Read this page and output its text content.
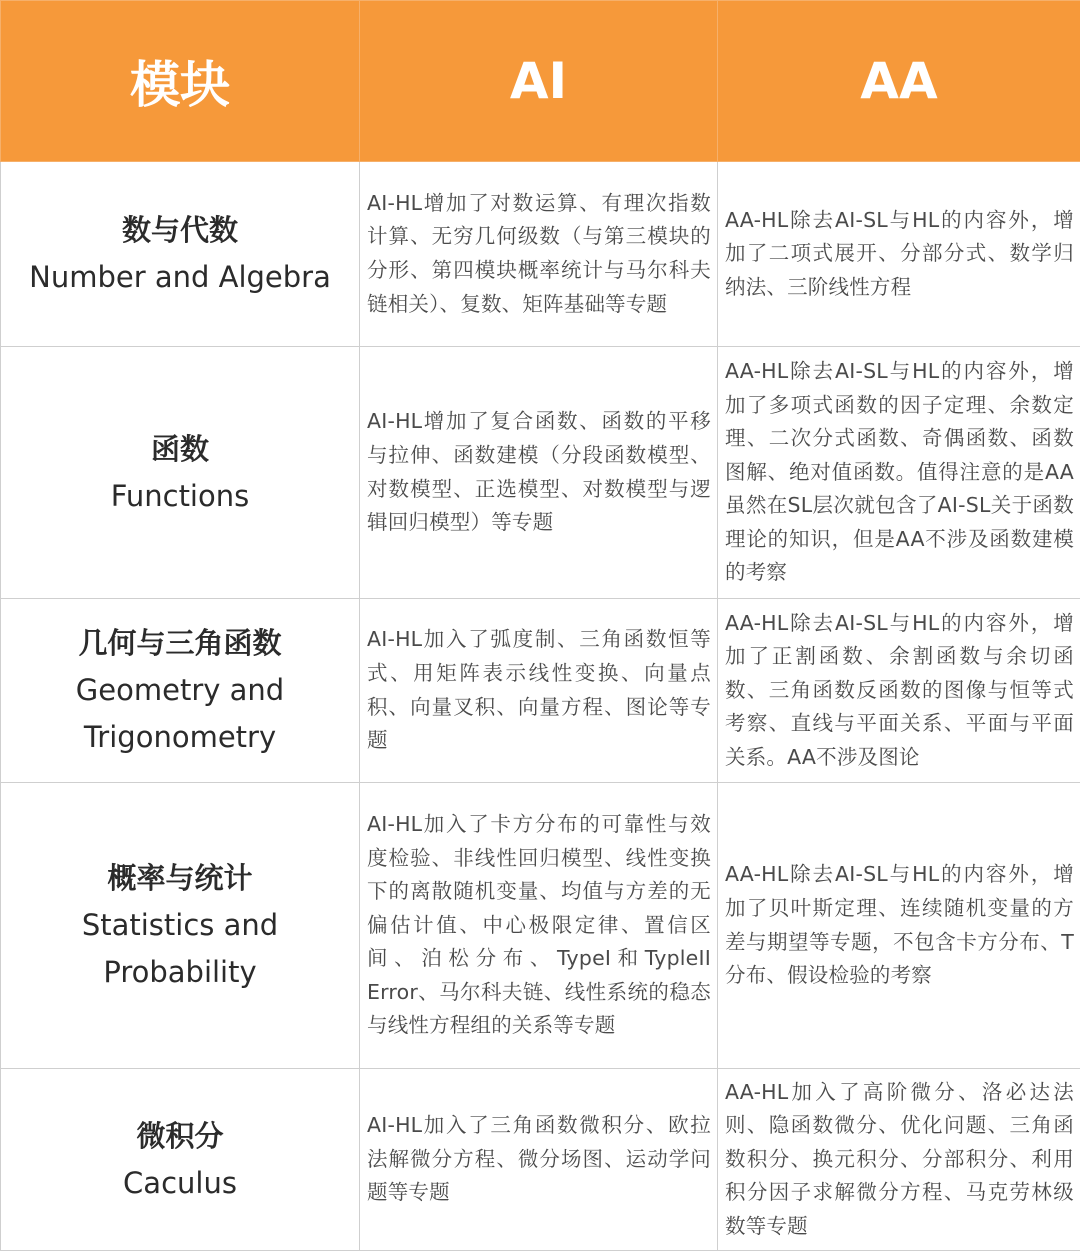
模块	AI	AA

数与代数
Number and Algebra	AI-HL增加了对数运算、有理次指数计算、无穷几何级数（与第三模块的分形、第四模块概率统计与马尔科夫链相关）、复数、矩阵基础等专题	AA-HL除去AI-SL与HL的内容外，增加了二项式展开、分部分式、数学归纳法、三阶线性方程

函数
Functions	AI-HL增加了复合函数、函数的平移与拉伸、函数建模（分段函数模型、对数模型、正选模型、对数模型与逻辑回归模型）等专题	AA-HL除去AI-SL与HL的内容外，增加了多项式函数的因子定理、余数定理、二次分式函数、奇偶函数、函数图解、绝对值函数。值得注意的是AA虽然在SL层次就包含了AI-SL关于函数理论的知识，但是AA不涉及函数建模的考察

几何与三角函数
Geometry and Trigonometry	AI-HL加入了弧度制、三角函数恒等式、用矩阵表示线性变换、向量点积、向量叉积、向量方程、图论等专题	AA-HL除去AI-SL与HL的内容外，增加了正割函数、余割函数与余切函数、三角函数反函数的图像与恒等式考察、直线与平面关系、平面与平面关系。AA不涉及图论

概率与统计
Statistics and Probability	AI-HL加入了卡方分布的可靠性与效度检验、非线性回归模型、线性变换下的离散随机变量、均值与方差的无偏估计值、中心极限定律、置信区间、泊松分布、TypeI和TypleII Error、马尔科夫链、线性系统的稳态与线性方程组的关系等专题	AA-HL除去AI-SL与HL的内容外，增加了贝叶斯定理、连续随机变量的方差与期望等专题，不包含卡方分布、T分布、假设检验的考察

微积分
Caculus	AI-HL加入了三角函数微积分、欧拉法解微分方程、微分场图、运动学问题等专题	AA-HL加入了高阶微分、洛必达法则、隐函数微分、优化问题、三角函数积分、换元积分、分部积分、利用积分因子求解微分方程、马克劳林级数等专题
